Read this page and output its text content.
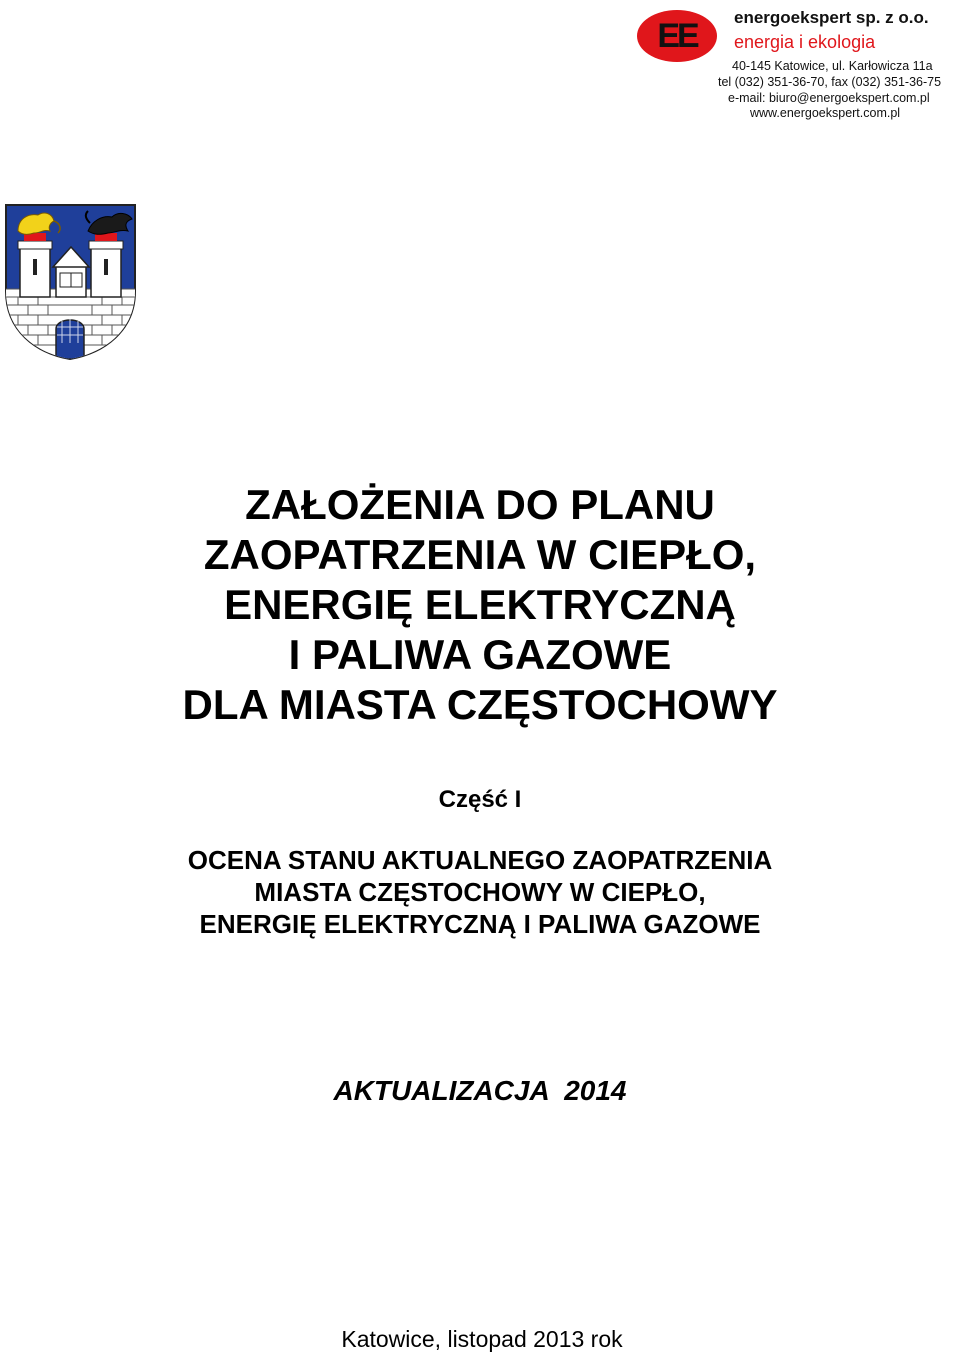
EE	energoekspert sp. z o.o.
energia i ekologia
40-145 Katowice, ul. Karłowicza 11a
tel (032) 351-36-70, fax (032) 351-36-75
e-mail: biuro@energoekspert.com.pl
www.energoekspert.com.pl
ZAŁOŻENIA DO PLANU
ZAOPATRZENIA W CIEPŁO,
ENERGIĘ ELEKTRYCZNĄ
I PALIWA GAZOWE
DLA MIASTA CZĘSTOCHOWY
Część I
OCENA STANU AKTUALNEGO ZAOPATRZENIA
MIASTA CZĘSTOCHOWY W CIEPŁO,
ENERGIĘ ELEKTRYCZNĄ I PALIWA GAZOWE
AKTUALIZACJA  2014
Katowice, listopad 2013 rok
